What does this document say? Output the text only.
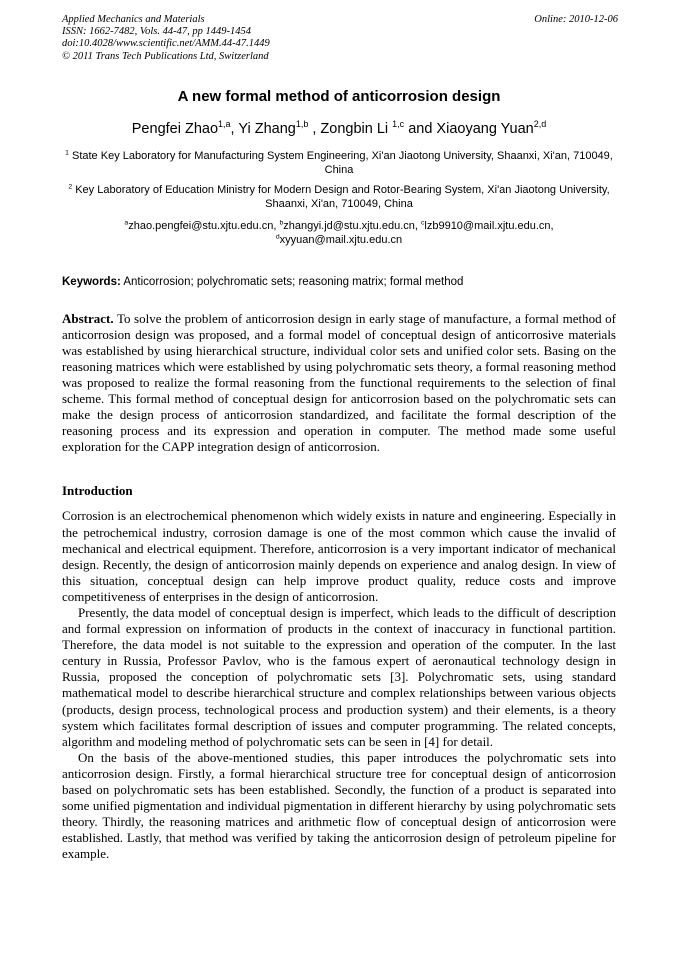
Applied Mechanics and Materials
ISSN: 1662-7482, Vols. 44-47, pp 1449-1454
doi:10.4028/www.scientific.net/AMM.44-47.1449
© 2011 Trans Tech Publications Ltd, Switzerland
Online: 2010-12-06
A new formal method of anticorrosion design
Pengfei Zhao$^{1,a}$, Yi Zhang$^{1,b}$ , Zongbin Li $^{1,c}$ and Xiaoyang Yuan$^{2,d}$
$^1$ State Key Laboratory for Manufacturing System Engineering, Xi'an Jiaotong University, Shaanxi, Xi'an, 710049, China
$^2$ Key Laboratory of Education Ministry for Modern Design and Rotor-Bearing System, Xi'an Jiaotong University, Shaanxi, Xi'an, 710049, China
$^a$zhao.pengfei@stu.xjtu.edu.cn, $^b$zhangyi.jd@stu.xjtu.edu.cn, $^c$lzb9910@mail.xjtu.edu.cn, $^d$xyyuan@mail.xjtu.edu.cn
Keywords: Anticorrosion; polychromatic sets; reasoning matrix; formal method

Abstract. To solve the problem of anticorrosion design in early stage of manufacture, a formal method of anticorrosion design was proposed, and a formal model of conceptual design of anticorrosive materials was established by using hierarchical structure, individual color sets and unified color sets. Basing on the reasoning matrices which were established by using polychromatic sets theory, a formal reasoning method was proposed to realize the formal reasoning from the functional requirements to the selection of final scheme. This formal method of conceptual design for anticorrosion based on the polychromatic sets can make the design process of anticorrosion standardized, and facilitate the formal description of the reasoning process and its expression and operation in computer. The method made some useful exploration for the CAPP integration design of anticorrosion.

Introduction

Corrosion is an electrochemical phenomenon which widely exists in nature and engineering. Especially in the petrochemical industry, corrosion damage is one of the most common which cause the invalid of mechanical and electrical equipment. Therefore, anticorrosion is a very important indicator of mechanical design. Recently, the design of anticorrosion mainly depends on experience and analog design. In view of this situation, conceptual design can help improve product quality, reduce costs and improve competitiveness of enterprises in the design of anticorrosion.

Presently, the data model of conceptual design is imperfect, which leads to the difficult of description and formal expression on information of products in the context of inaccuracy in functional partition. Therefore, the data model is not suitable to the expression and operation of the computer. In the last century in Russia, Professor Pavlov, who is the famous expert of aeronautical technology design in Russia, proposed the conception of polychromatic sets [3]. Polychromatic sets, using standard mathematical model to describe hierarchical structure and complex relationships between various objects (products, design process, technological process and production system) and their elements, is a theory system which facilitates formal description of issues and computer programming. The related concepts, algorithm and modeling method of polychromatic sets can be seen in [4] for detail.

On the basis of the above-mentioned studies, this paper introduces the polychromatic sets into anticorrosion design. Firstly, a formal hierarchical structure tree for conceptual design of anticorrosion based on polychromatic sets has been established. Secondly, the function of a product is separated into some unified pigmentation and individual pigmentation in different hierarchy by using polychromatic sets theory. Thirdly, the reasoning matrices and arithmetic flow of conceptual design of anticorrosion were established. Lastly, that method was verified by taking the anticorrosion design of petroleum pipeline for example.
